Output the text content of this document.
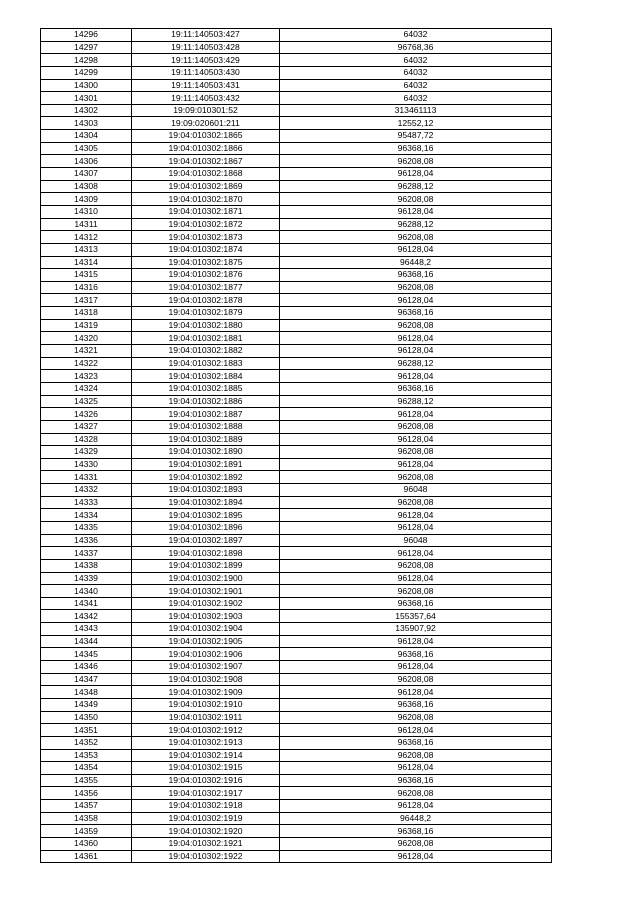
14296	19:11:140503:427	64032
14297	19:11:140503:428	96768,36
14298	19:11:140503:429	64032
14299	19:11:140503:430	64032
14300	19:11:140503:431	64032
14301	19:11:140503:432	64032
14302	19:09:010301:52	313461113
14303	19:09:020601:211	12552,12
14304	19:04:010302:1865	95487,72
14305	19:04:010302:1866	96368,16
14306	19:04:010302:1867	96208,08
14307	19:04:010302:1868	96128,04
14308	19:04:010302:1869	96288,12
14309	19:04:010302:1870	96208,08
14310	19:04:010302:1871	96128,04
14311	19:04:010302:1872	96288,12
14312	19:04:010302:1873	96208,08
14313	19:04:010302:1874	96128,04
14314	19:04:010302:1875	96448,2
14315	19:04:010302:1876	96368,16
14316	19:04:010302:1877	96208,08
14317	19:04:010302:1878	96128,04
14318	19:04:010302:1879	96368,16
14319	19:04:010302:1880	96208,08
14320	19:04:010302:1881	96128,04
14321	19:04:010302:1882	96128,04
14322	19:04:010302:1883	96288,12
14323	19:04:010302:1884	96128,04
14324	19:04:010302:1885	96368,16
14325	19:04:010302:1886	96288,12
14326	19:04:010302:1887	96128,04
14327	19:04:010302:1888	96208,08
14328	19:04:010302:1889	96128,04
14329	19:04:010302:1890	96208,08
14330	19:04:010302:1891	96128,04
14331	19:04:010302:1892	96208,08
14332	19:04:010302:1893	96048
14333	19:04:010302:1894	96208,08
14334	19:04:010302:1895	96128,04
14335	19:04:010302:1896	96128,04
14336	19:04:010302:1897	96048
14337	19:04:010302:1898	96128,04
14338	19:04:010302:1899	96208,08
14339	19:04:010302:1900	96128,04
14340	19:04:010302:1901	96208,08
14341	19:04:010302:1902	96368,16
14342	19:04:010302:1903	155357,64
14343	19:04:010302:1904	135907,92
14344	19:04:010302:1905	96128,04
14345	19:04:010302:1906	96368,16
14346	19:04:010302:1907	96128,04
14347	19:04:010302:1908	96208,08
14348	19:04:010302:1909	96128,04
14349	19:04:010302:1910	96368,16
14350	19:04:010302:1911	96208,08
14351	19:04:010302:1912	96128,04
14352	19:04:010302:1913	96368,16
14353	19:04:010302:1914	96208,08
14354	19:04:010302:1915	96128,04
14355	19:04:010302:1916	96368,16
14356	19:04:010302:1917	96208,08
14357	19:04:010302:1918	96128,04
14358	19:04:010302:1919	96448,2
14359	19:04:010302:1920	96368,16
14360	19:04:010302:1921	96208,08
14361	19:04:010302:1922	96128,04
